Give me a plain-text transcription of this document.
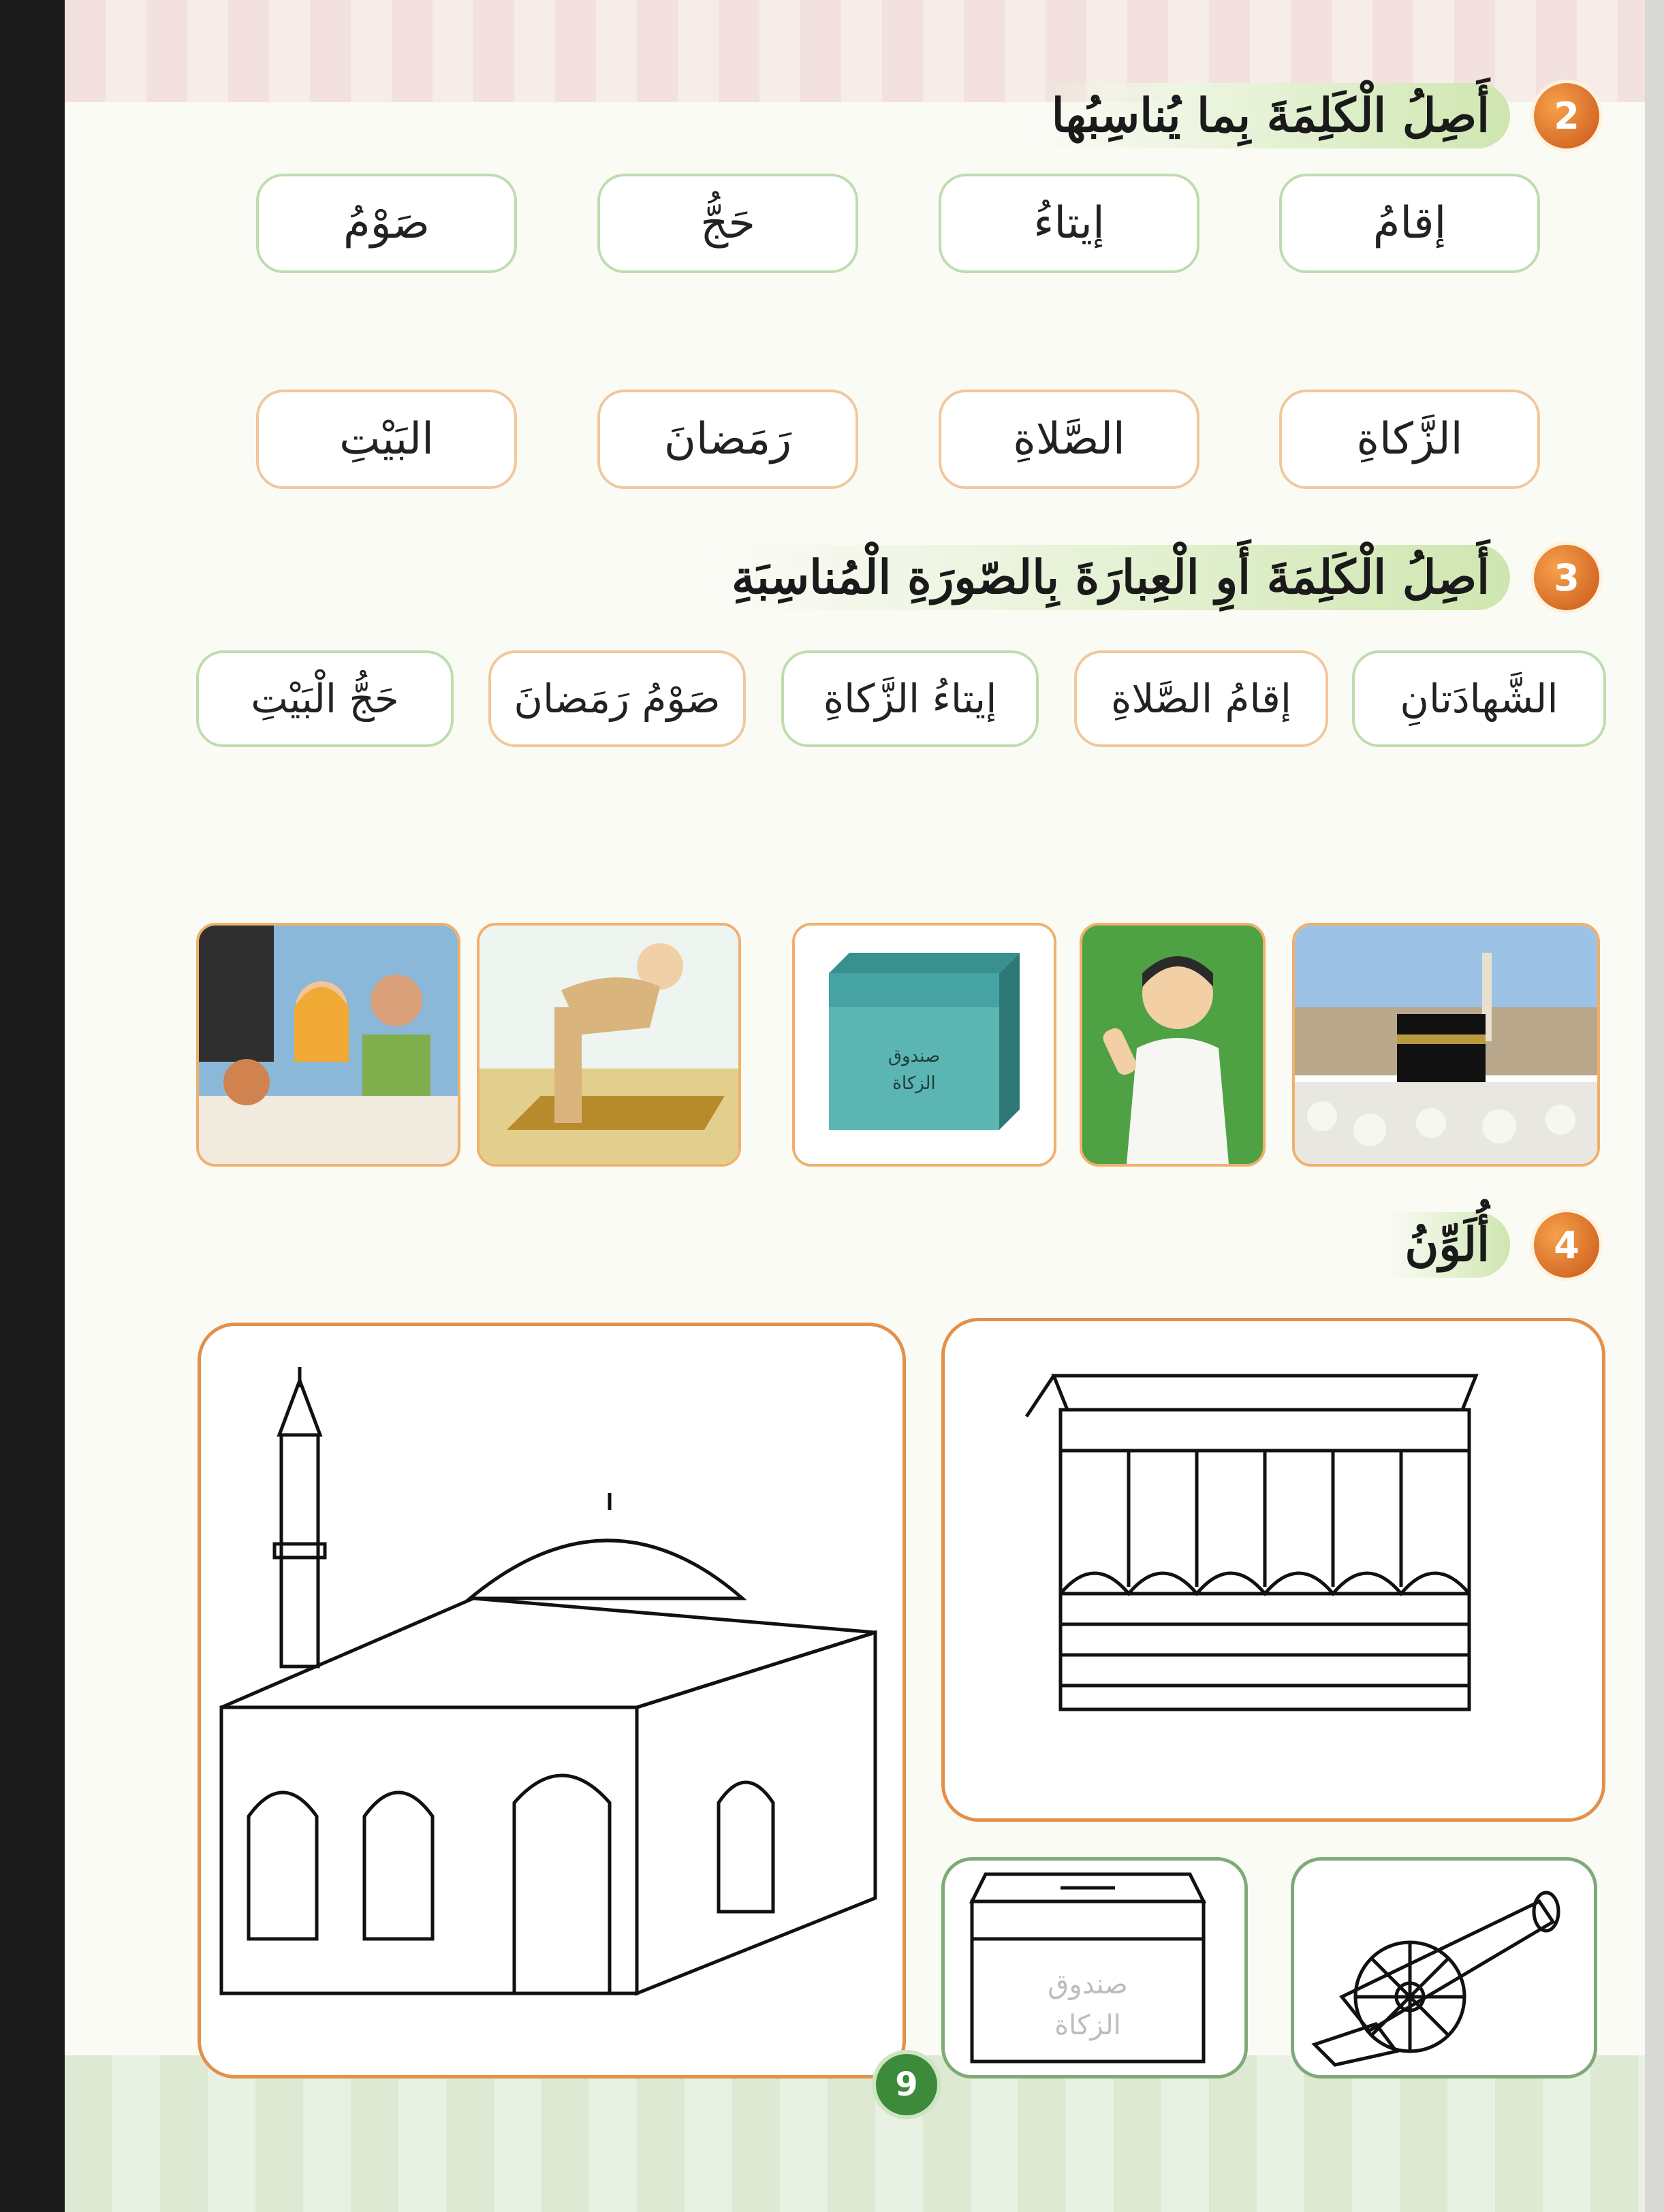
2
أَصِلُ الْكَلِمَةَ بِما يُناسِبُها
إقامُ
إيتاءُ
حَجُّ
صَوْمُ
الزَّكاةِ
الصَّلاةِ
رَمَضانَ
البَيْتِ
3
أَصِلُ الْكَلِمَةَ أَوِ الْعِبارَةَ بِالصّورَةِ الْمُناسِبَةِ
الشَّهادَتانِ
إقامُ الصَّلاةِ
إيتاءُ الزَّكاةِ
صَوْمُ رَمَضانَ
حَجُّ الْبَيْتِ
صندوق
الزكاة
4
أُلَوِّنُ
صندوق
الزكاة
9
